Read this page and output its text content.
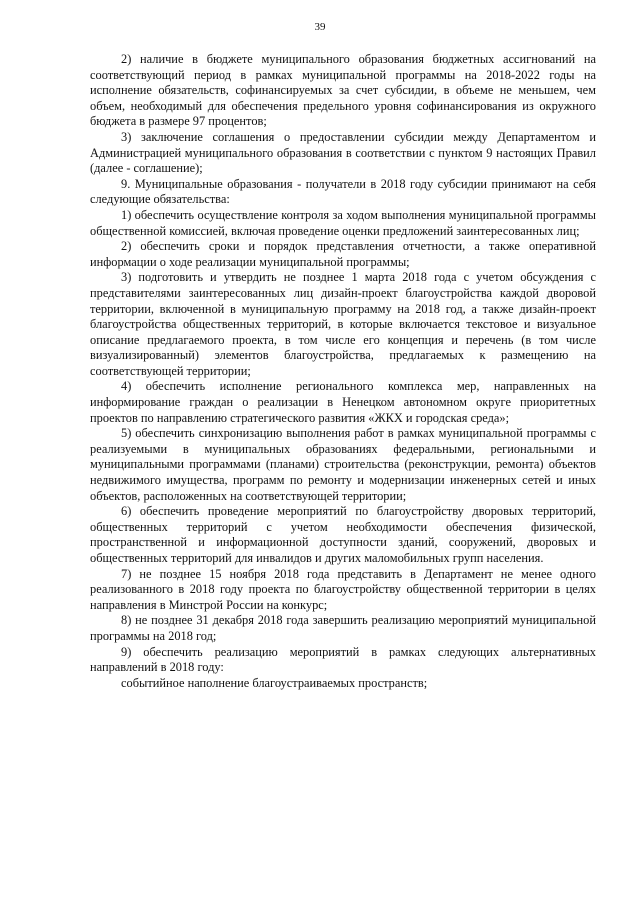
39

2) наличие в бюджете муниципального образования бюджетных ассигнований на соответствующий период в рамках муниципальной программы на 2018-2022 годы на исполнение обязательств, софинансируемых за счет субсидии, в объеме не меньшем, чем объем, необходимый для обеспечения предельного уровня софинансирования из окружного бюджета в размере 97 процентов;

3) заключение соглашения о предоставлении субсидии между Департаментом и Администрацией муниципального образования в соответствии с пунктом 9 настоящих Правил (далее - соглашение);

9. Муниципальные образования - получатели в 2018 году субсидии принимают на себя следующие обязательства:

1) обеспечить осуществление контроля за ходом выполнения муниципальной программы общественной комиссией, включая проведение оценки предложений заинтересованных лиц;

2) обеспечить сроки и порядок представления отчетности, а также оперативной информации о ходе реализации муниципальной программы;

3) подготовить и утвердить не позднее 1 марта 2018 года с учетом обсуждения с представителями заинтересованных лиц дизайн-проект благоустройства каждой дворовой территории, включенной в муниципальную программу на 2018 год, а также дизайн-проект благоустройства общественных территорий, в которые включается текстовое и визуальное описание предлагаемого проекта, в том числе его концепция и перечень (в том числе визуализированный) элементов благоустройства, предлагаемых к размещению на соответствующей территории;

4) обеспечить исполнение регионального комплекса мер, направленных на информирование граждан о реализации в Ненецком автономном округе приоритетных проектов по направлению стратегического развития «ЖКХ и городская среда»;

5) обеспечить синхронизацию выполнения работ в рамках муниципальной программы с реализуемыми в муниципальных образованиях федеральными, региональными и муниципальными программами (планами) строительства (реконструкции, ремонта) объектов недвижимого имущества, программ по ремонту и модернизации инженерных сетей и иных объектов, расположенных на соответствующей территории;

6) обеспечить проведение мероприятий по благоустройству дворовых территорий, общественных территорий с учетом необходимости обеспечения физической, пространственной и информационной доступности зданий, сооружений, дворовых и общественных территорий для инвалидов и других маломобильных групп населения.

7) не позднее 15 ноября 2018 года представить в Департамент не менее одного реализованного в 2018 году проекта по благоустройству общественной территории в целях направления в Минстрой России на конкурс;

8) не позднее 31 декабря 2018 года завершить реализацию мероприятий муниципальной программы на 2018 год;

9) обеспечить реализацию мероприятий в рамках следующих альтернативных направлений в 2018 году:

событийное наполнение благоустраиваемых пространств;
